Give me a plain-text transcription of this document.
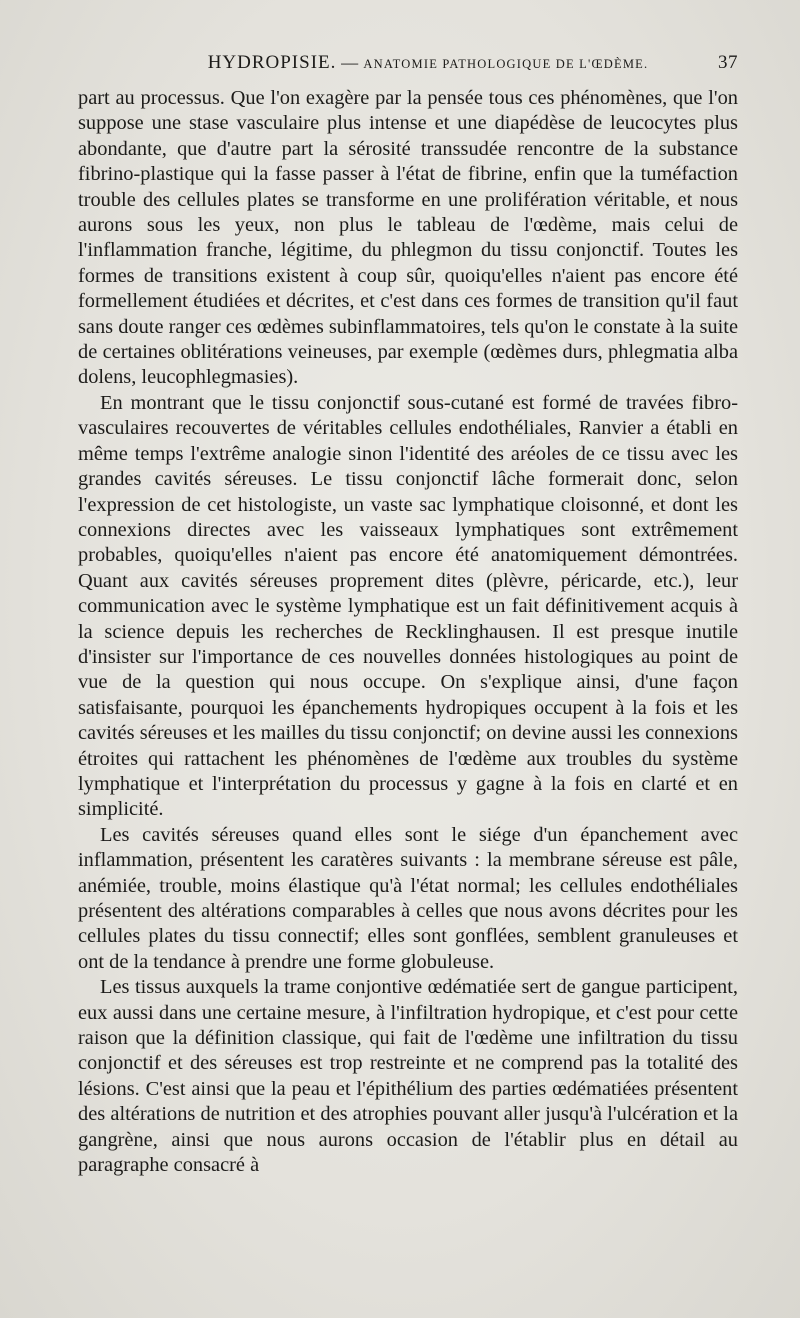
HYDROPISIE. — ANATOMIE PATHOLOGIQUE DE L'ŒDÈME.	37

part au processus. Que l'on exagère par la pensée tous ces phénomènes, que l'on suppose une stase vasculaire plus intense et une diapédèse de leucocytes plus abondante, que d'autre part la sérosité transsudée rencontre de la substance fibrino-plastique qui la fasse passer à l'état de fibrine, enfin que la tuméfaction trouble des cellules plates se transforme en une prolifération véritable, et nous aurons sous les yeux, non plus le tableau de l'œdème, mais celui de l'inflammation franche, légitime, du phlegmon du tissu conjonctif. Toutes les formes de transitions existent à coup sûr, quoiqu'elles n'aient pas encore été formellement étudiées et décrites, et c'est dans ces formes de transition qu'il faut sans doute ranger ces œdèmes subinflammatoires, tels qu'on le constate à la suite de certaines oblitérations veineuses, par exemple (œdèmes durs, phlegmatia alba dolens, leucophlegmasies).

En montrant que le tissu conjonctif sous-cutané est formé de travées fibro-vasculaires recouvertes de véritables cellules endothéliales, Ranvier a établi en même temps l'extrême analogie sinon l'identité des aréoles de ce tissu avec les grandes cavités séreuses. Le tissu conjonctif lâche formerait donc, selon l'expression de cet histologiste, un vaste sac lymphatique cloisonné, et dont les connexions directes avec les vaisseaux lymphatiques sont extrêmement probables, quoiqu'elles n'aient pas encore été anatomiquement démontrées. Quant aux cavités séreuses proprement dites (plèvre, péricarde, etc.), leur communication avec le système lymphatique est un fait définitivement acquis à la science depuis les recherches de Recklinghausen. Il est presque inutile d'insister sur l'importance de ces nouvelles données histologiques au point de vue de la question qui nous occupe. On s'explique ainsi, d'une façon satisfaisante, pourquoi les épanchements hydropiques occupent à la fois et les cavités séreuses et les mailles du tissu conjonctif; on devine aussi les connexions étroites qui rattachent les phénomènes de l'œdème aux troubles du système lymphatique et l'interprétation du processus y gagne à la fois en clarté et en simplicité.

Les cavités séreuses quand elles sont le siége d'un épanchement avec inflammation, présentent les caratères suivants : la membrane séreuse est pâle, anémiée, trouble, moins élastique qu'à l'état normal; les cellules endothéliales présentent des altérations comparables à celles que nous avons décrites pour les cellules plates du tissu connectif; elles sont gonflées, semblent granuleuses et ont de la tendance à prendre une forme globuleuse.

Les tissus auxquels la trame conjontive œdématiée sert de gangue participent, eux aussi dans une certaine mesure, à l'infiltration hydropique, et c'est pour cette raison que la définition classique, qui fait de l'œdème une infiltration du tissu conjonctif et des séreuses est trop restreinte et ne comprend pas la totalité des lésions. C'est ainsi que la peau et l'épithélium des parties œdématiées présentent des altérations de nutrition et des atrophies pouvant aller jusqu'à l'ulcération et la gangrène, ainsi que nous aurons occasion de l'établir plus en détail au paragraphe consacré à
